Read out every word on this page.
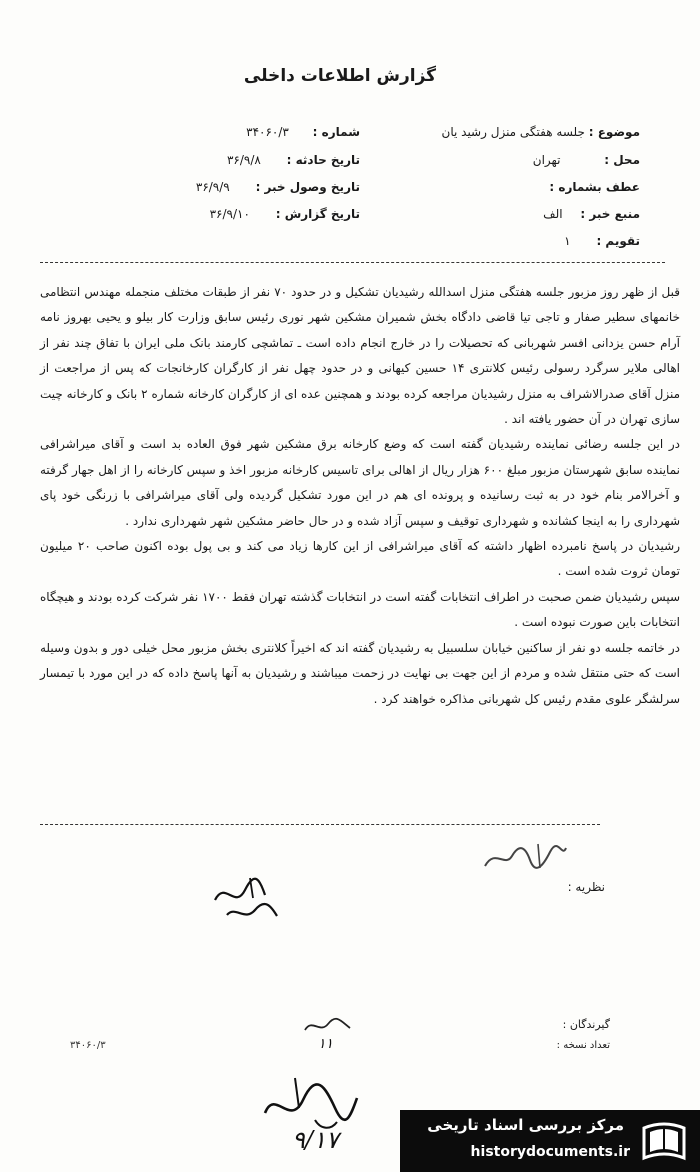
گزارش اطلاعات داخلی
موضوع : جلسه هفتگی منزل رشید یان
محل : تهران
عطف بشماره :
منبع خبر : الف
تقویم : ۱
شماره : ۳۴۰۶۰/۳
تاریخ حادثه : ۳۶/۹/۸
تاریخ وصول خبر : ۳۶/۹/۹
تاریخ گزارش : ۳۶/۹/۱۰

قبل از ظهر روز مزبور جلسه هفتگی منزل اسدالله رشیدیان تشکیل و در حدود ۷۰ نفر از طبقات مختلف منجمله مهندس انتظامی خانمهای سطیر صفار و تاجی تیا قاضی دادگاه بخش شمیران مشکین شهر نوری رئیس سابق وزارت کار بیلو و یحیی بهروز نامه آرام حسن یزدانی افسر شهربانی که تحصیلات را در خارج انجام داده است ـ تماشچی کارمند بانک ملی ایران با تفاق چند نفر از اهالی ملایر سرگرد رسولی رئیس کلانتری ۱۴ حسین کیهانی و در حدود چهل نفر از کارگران کارخانجات که پس از مراجعت از منزل آقای صدرالاشراف به منزل رشیدیان مراجعه کرده بودند و همچنین عده ای از کارگران کارخانه شماره ۲ بانک و کارخانه چیت سازی تهران در آن حضور یافته اند .

در این جلسه رضائی نماینده رشیدیان گفته است که وضع کارخانه برق مشکین شهر فوق العاده بد است و آقای میراشرافی نماینده سابق شهرستان مزبور مبلغ ۶۰۰ هزار ریال از اهالی برای تاسیس کارخانه مزبور اخذ و سپس کارخانه را از اهل جهار گرفته و آخرالامر بنام خود در به ثبت رسانیده و پرونده ای هم در این مورد تشکیل گردیده ولی آقای میراشرافی با زرنگی خود پای شهرداری را به اینجا کشانده و شهرداری توقیف و سپس آزاد شده و در حال حاضر مشکین شهر شهرداری ندارد .

رشیدیان در پاسخ نامبرده اظهار داشته که آقای میراشرافی از این کارها زیاد می کند و بی پول بوده اکنون صاحب ۲۰ میلیون تومان ثروت شده است .

سپس رشیدیان ضمن صحبت در اطراف انتخابات گفته است در انتخابات گذشته تهران فقط ۱۷۰۰ نفر شرکت کرده بودند و هیچگاه انتخابات باین صورت نبوده است .

در خاتمه جلسه دو نفر از ساکنین خیابان سلسبیل به رشیدیان گفته اند که اخیراً کلانتری بخش مزبور محل خیلی دور و بدون وسیله است که حتی منتقل شده و مردم از این جهت بی نهایت در زحمت میباشند و رشیدیان به آنها پاسخ داده که در این مورد با تیمسار سرلشگر علوی مقدم رئیس کل شهربانی مذاکره خواهند کرد .

نظریه :
گیرندگان :
تعداد نسخه :
۳۴۰۶۰/۳	۱۱
۹/۱۷
مرکز بررسی اسناد تاریخی
historydocuments.ir
